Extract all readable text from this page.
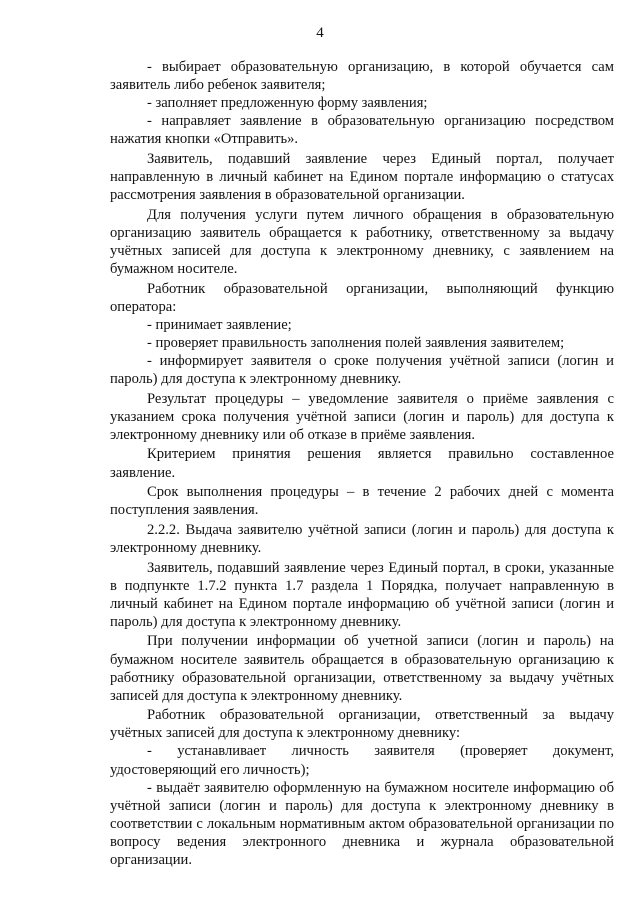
4

- выбирает образовательную организацию, в которой обучается сам заявитель либо ребенок заявителя;

- заполняет предложенную форму заявления;

- направляет заявление в образовательную организацию посредством нажатия кнопки «Отправить».

Заявитель, подавший заявление через Единый портал, получает направленную в личный кабинет на Едином портале информацию о статусах рассмотрения заявления в образовательной организации.

Для получения услуги путем личного обращения в образовательную организацию заявитель обращается к работнику, ответственному за выдачу учётных записей для доступа к электронному дневнику, с заявлением на бумажном носителе.

Работник образовательной организации, выполняющий функцию оператора:

- принимает заявление;

- проверяет правильность заполнения полей заявления заявителем;

- информирует заявителя о сроке получения учётной записи (логин и пароль) для доступа к электронному дневнику.

Результат процедуры – уведомление заявителя о приёме заявления с указанием срока получения учётной записи (логин и пароль) для доступа к электронному дневнику или об отказе в приёме заявления.

Критерием принятия решения является правильно составленное заявление.

Срок выполнения процедуры – в течение 2 рабочих дней с момента поступления заявления.

2.2.2. Выдача заявителю учётной записи (логин и пароль) для доступа к электронному дневнику.

Заявитель, подавший заявление через Единый портал, в сроки, указанные в подпункте 1.7.2 пункта 1.7 раздела 1 Порядка, получает направленную в личный кабинет на Едином портале информацию об учётной записи (логин и пароль) для доступа к электронному дневнику.

При получении информации об учетной записи (логин и пароль) на бумажном носителе заявитель обращается в образовательную организацию к работнику образовательной организации, ответственному за выдачу учётных записей для доступа к электронному дневнику.

Работник образовательной организации, ответственный за выдачу учётных записей для доступа к электронному дневнику:

- устанавливает личность заявителя (проверяет документ, удостоверяющий его личность);

- выдаёт заявителю оформленную на бумажном носителе информацию об учётной записи (логин и пароль) для доступа к электронному дневнику в соответствии с локальным нормативным актом образовательной организации по вопросу ведения электронного дневника и журнала образовательной организации.
